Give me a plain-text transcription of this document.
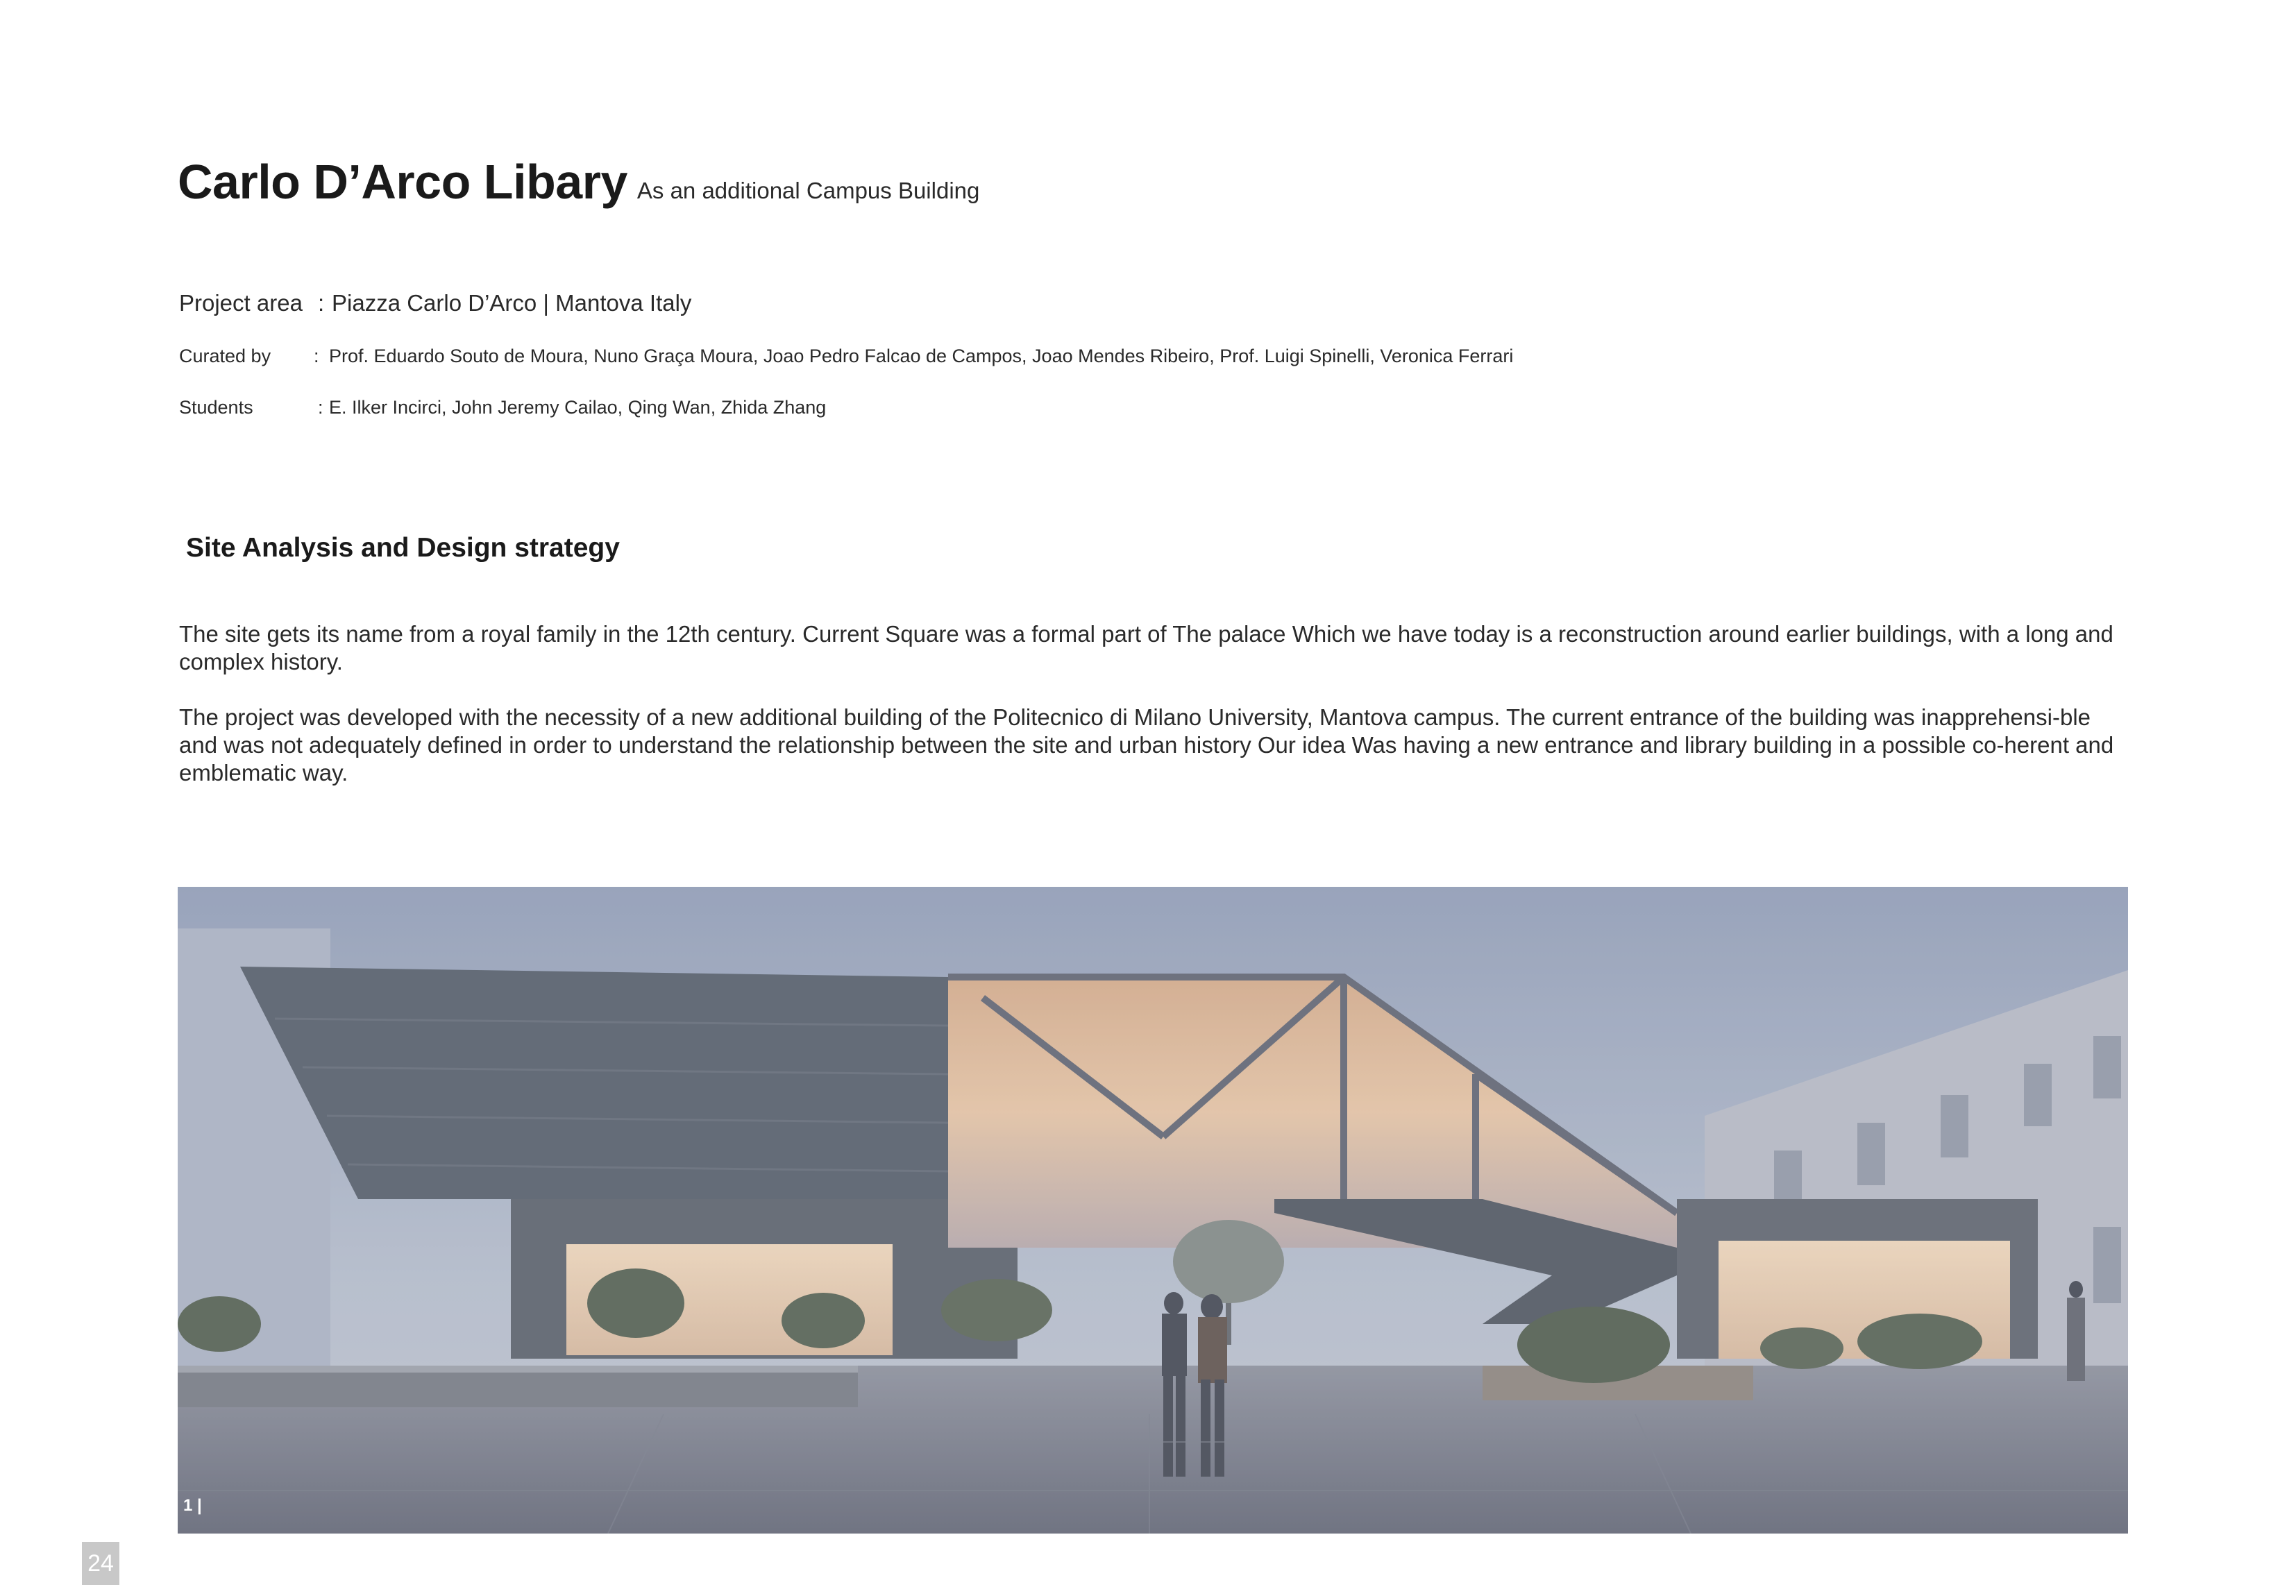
Carlo D’Arco Libary As an additional Campus Building
Project area : Piazza Carlo D’Arco | Mantova Italy
Curated by : Prof. Eduardo Souto de Moura, Nuno Graça Moura, Joao Pedro Falcao de Campos, Joao Mendes Ribeiro, Prof. Luigi Spinelli, Veronica Ferrari
Students	: E. Ilker Incirci, John Jeremy Cailao, Qing Wan, Zhida Zhang
Site Analysis and Design strategy
The site gets its name from a royal family in the 12th century. Current Square was a formal part of The palace Which we have today is a reconstruction around earlier buildings, with a long and complex history.
The project was developed with the necessity of a new additional building of the Politecnico di Milano University, Mantova campus. The current entrance of the building was inapprehensi-ble and was not adequately defined in order to understand the relationship between the site and urban history Our idea Was having a new entrance and library building in a possible co-herent and emblematic way.
1 |
24
